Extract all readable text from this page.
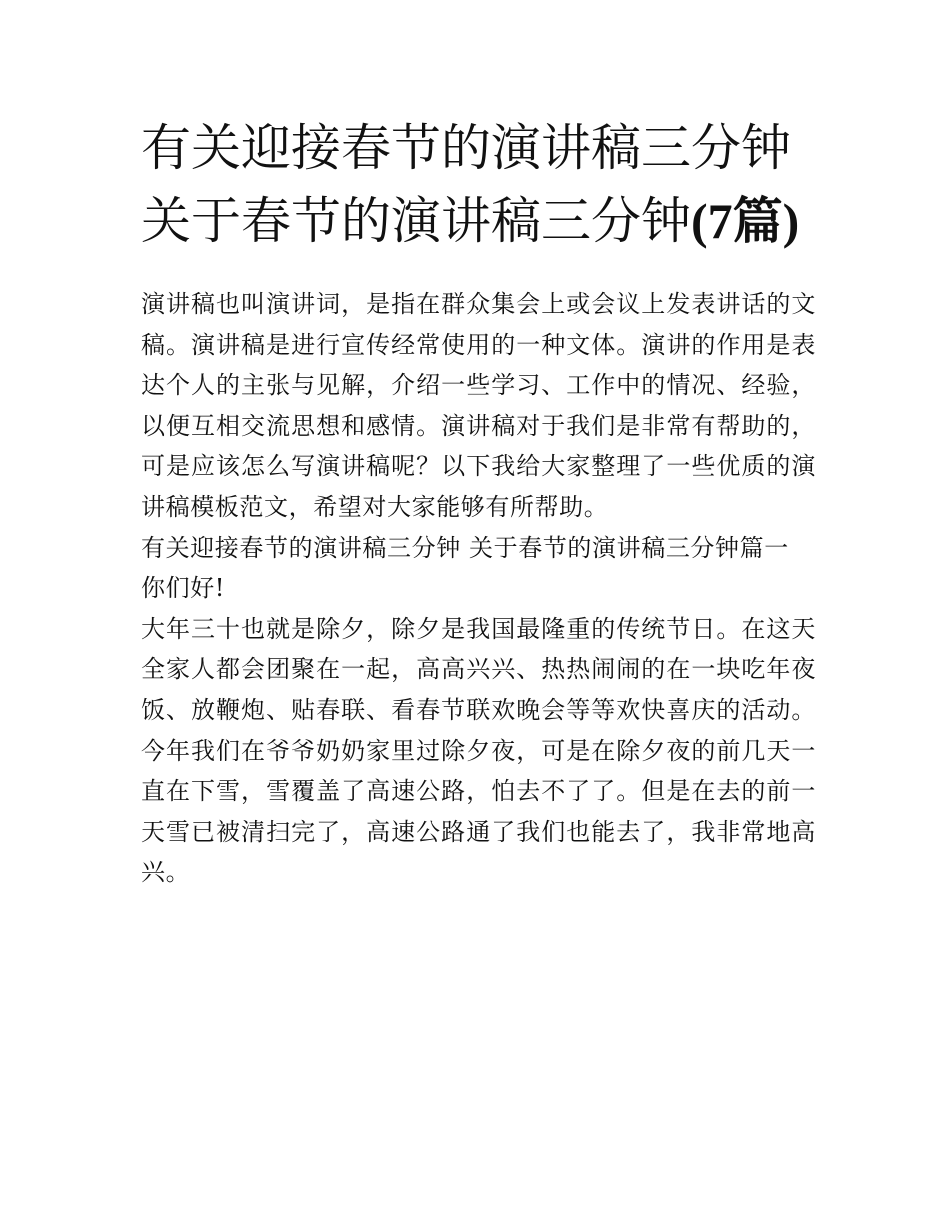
有关迎接春节的演讲稿三分钟 关于春节的演讲稿三分钟(7篇)

演讲稿也叫演讲词，是指在群众集会上或会议上发表讲话的文稿。演讲稿是进行宣传经常使用的一种文体。演讲的作用是表达个人的主张与见解，介绍一些学习、工作中的情况、经验，以便互相交流思想和感情。演讲稿对于我们是非常有帮助的，可是应该怎么写演讲稿呢？以下我给大家整理了一些优质的演讲稿模板范文，希望对大家能够有所帮助。

有关迎接春节的演讲稿三分钟 关于春节的演讲稿三分钟篇一

你们好!

大年三十也就是除夕，除夕是我国最隆重的传统节日。在这天全家人都会团聚在一起，高高兴兴、热热闹闹的在一块吃年夜饭、放鞭炮、贴春联、看春节联欢晚会等等欢快喜庆的活动。今年我们在爷爷奶奶家里过除夕夜，可是在除夕夜的前几天一直在下雪，雪覆盖了高速公路，怕去不了了。但是在去的前一天雪已被清扫完了，高速公路通了我们也能去了，我非常地高兴。
